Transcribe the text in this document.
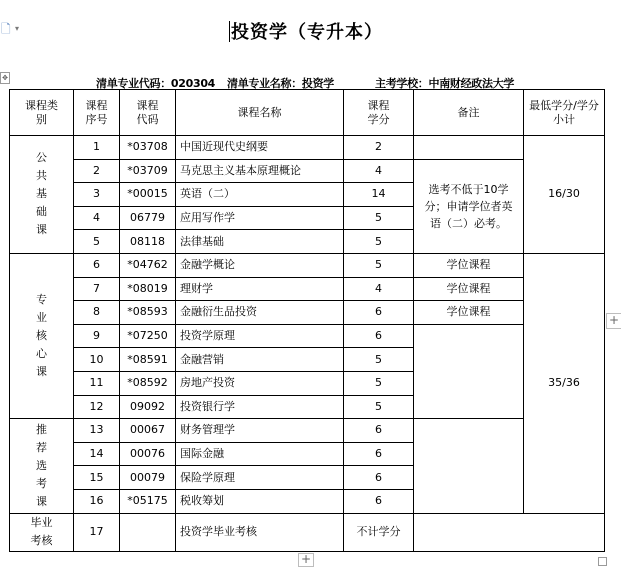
🗋 ▾	投资学（专升本）
✥	清单专业代码：020304 清单专业名称：投资学	主考学校：中南财经政法大学
课程类别	课程序号	课程代码	课程名称	课程学分	备注	最低学分/学分小计
公共基础课	1	*03708	中国近现代史纲要	2		16/30
	2	*03709	马克思主义基本原理概论	4	选考不低于10学分；申请学位者英语（二）必考。	
	3	*00015	英语（二）	14		
	4	06779	应用写作学	5		
	5	08118	法律基础	5		
专业核心课	6	*04762	金融学概论	5	学位课程	35/36
	7	*08019	理财学	4	学位课程	
	8	*08593	金融衍生品投资	6	学位课程	
	9	*07250	投资学原理	6		
	10	*08591	金融营销	5		
	11	*08592	房地产投资	5		
	12	09092	投资银行学	5		
推荐选考课	13	00067	财务管理学	6		
	14	00076	国际金融	6		
	15	00079	保险学原理	6		
	16	*05175	税收筹划	6		
毕业考核	17		投资学毕业考核	不计学分		
+
+
